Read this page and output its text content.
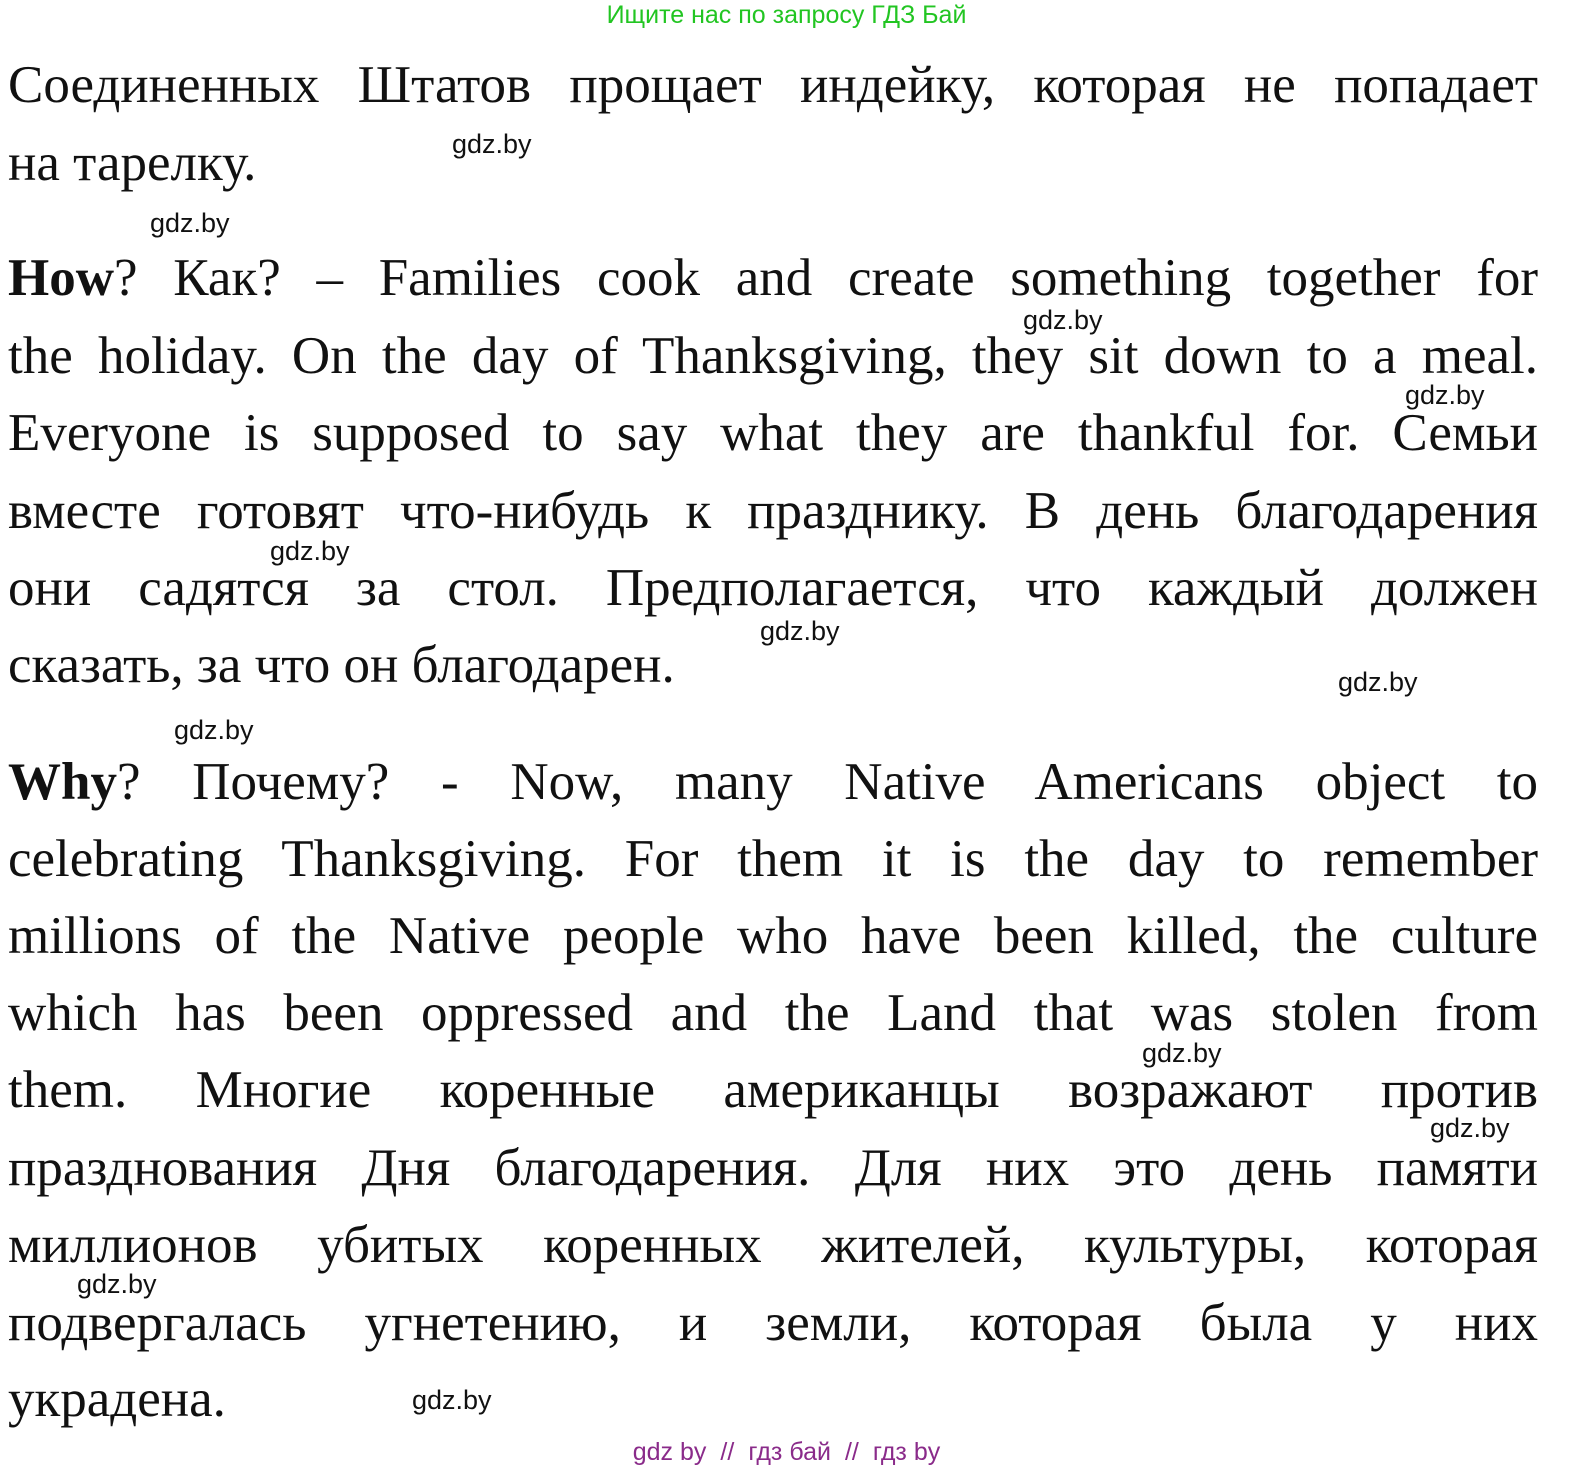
Ищите нас по запросу ГДЗ Бай
Соединенных Штатов прощает индейку, которая не попадает
на тарелку.
How? Как? – Families cook and create something together for
the holiday. On the day of Thanksgiving, they sit down to a meal.
Everyone is supposed to say what they are thankful for. Семьи
вместе готовят что-нибудь к празднику. В день благодарения
они садятся за стол. Предполагается, что каждый должен
сказать, за что он благодарен.
Why? Почему? - Now, many Native Americans object to
celebrating Thanksgiving. For them it is the day to remember
millions of the Native people who have been killed, the culture
which has been oppressed and the Land that was stolen from
them. Многие коренные американцы возражают против
празднования Дня благодарения. Для них это день памяти
миллионов убитых коренных жителей, культуры, которая
подвергалась угнетению, и земли, которая была у них
украдена.
gdz.by
gdz.by
gdz.by
gdz.by
gdz.by
gdz.by
gdz.by
gdz.by
gdz.by
gdz.by
gdz.by
gdz.by
gdz by // гдз бай // гдз by
